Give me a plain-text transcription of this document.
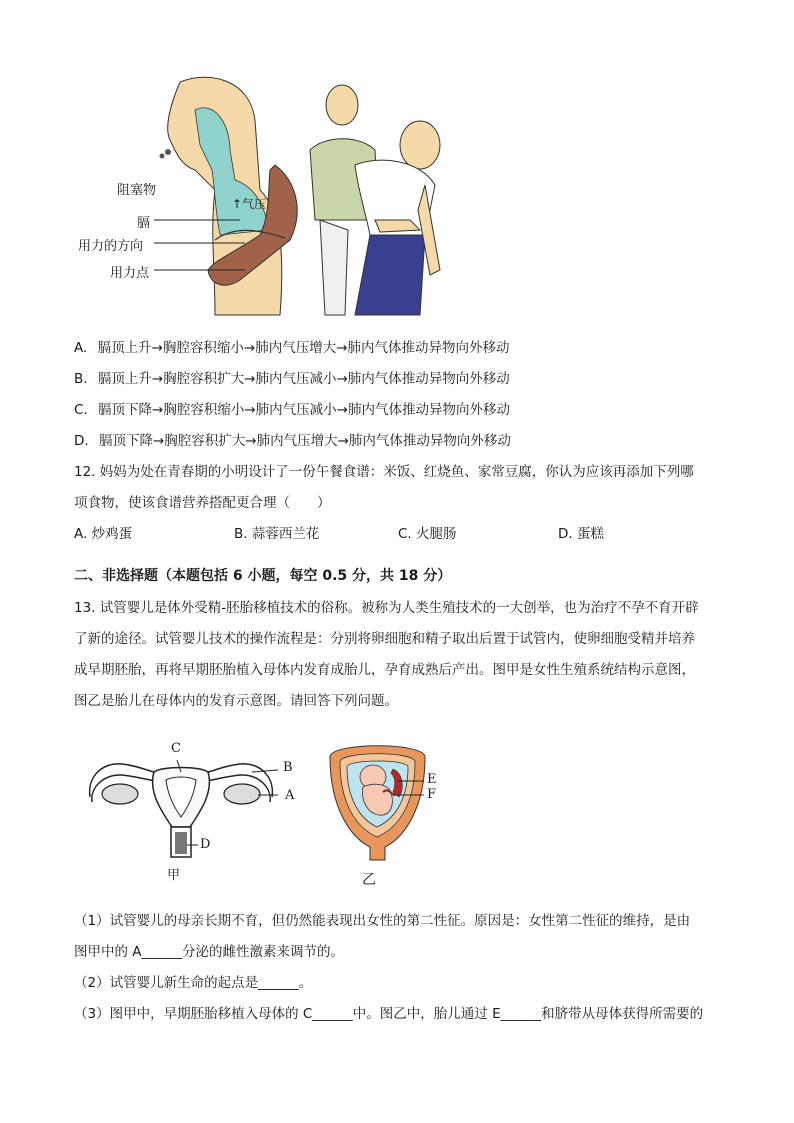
阻塞物
膈
用力的方向
用力点
↑气压
A. 膈顶上升→胸腔容积缩小→肺内气压增大→肺内气体推动异物向外移动
B. 膈顶上升→胸腔容积扩大→肺内气压减小→肺内气体推动异物向外移动
C. 膈顶下降→胸腔容积缩小→肺内气压减小→肺内气体推动异物向外移动
D. 膈顶下降→胸腔容积扩大→肺内气压增大→肺内气体推动异物向外移动
12. 妈妈为处在青春期的小明设计了一份午餐食谱：米饭、红烧鱼、家常豆腐，你认为应该再添加下列哪
项食物，使该食谱营养搭配更合理（　　）
A. 炒鸡蛋	B. 蒜蓉西兰花	C. 火腿肠	D. 蛋糕
二、非选择题（本题包括 6 小题，每空 0.5 分，共 18 分）
13. 试管婴儿是体外受精-胚胎移植技术的俗称。被称为人类生殖技术的一大创举，也为治疗不孕不育开辟
了新的途径。试管婴儿技术的操作流程是：分别将卵细胞和精子取出后置于试管内，使卵细胞受精并培养
成早期胚胎，再将早期胚胎植入母体内发育成胎儿，孕育成熟后产出。图甲是女性生殖系统结构示意图，
图乙是胎儿在母体内的发育示意图。请回答下列问题。
C
B
A
D
甲
E
F
乙
（1）试管婴儿的母亲长期不育，但仍然能表现出女性的第二性征。原因是：女性第二性征的维持，是由
图甲中的 A______分泌的雌性激素来调节的。
（2）试管婴儿新生命的起点是______。
（3）图甲中，早期胚胎移植入母体的 C______中。图乙中，胎儿通过 E______和脐带从母体获得所需要的
